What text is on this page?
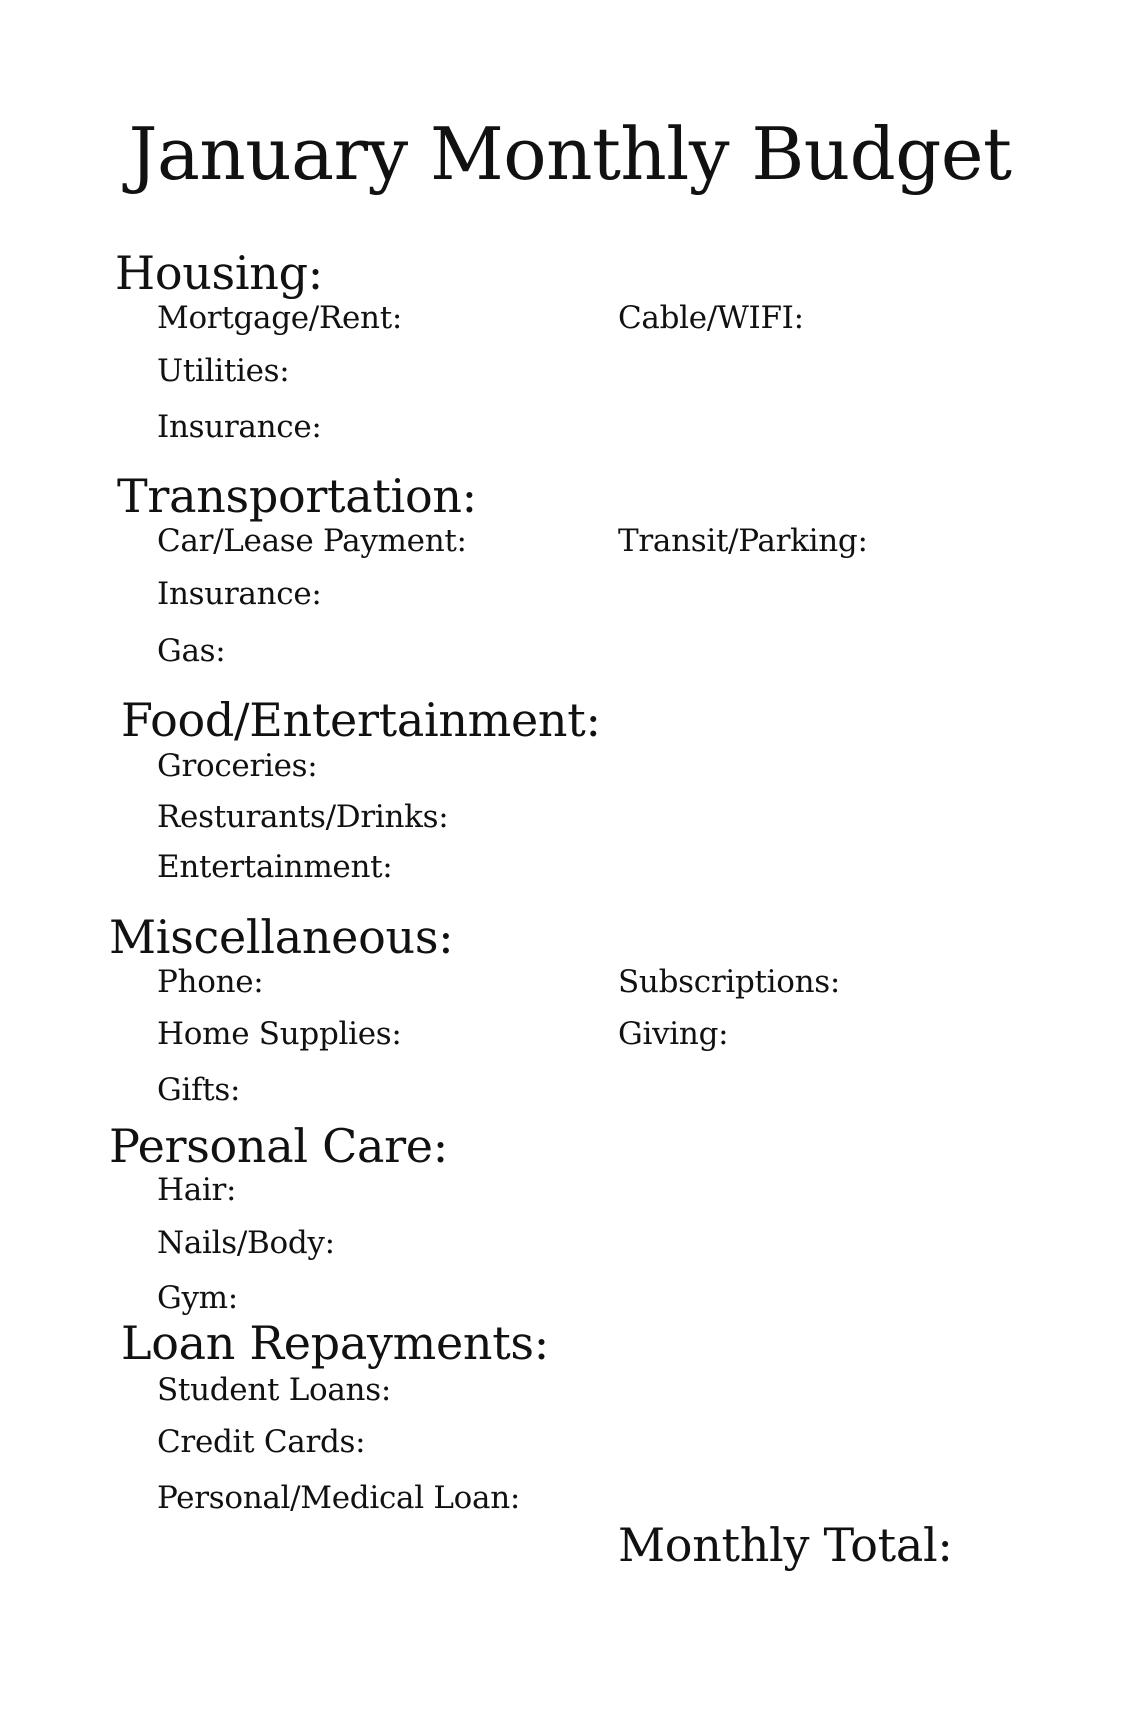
January Monthly Budget
Housing:
Mortgage/Rent:
Utilities:
Insurance:
Cable/WIFI:
Transportation:
Car/Lease Payment:
Insurance:
Gas:
Transit/Parking:
Food/Entertainment:
Groceries:
Resturants/Drinks:
Entertainment:
Miscellaneous:
Phone:
Home Supplies:
Gifts:
Subscriptions:
Giving:
Personal Care:
Hair:
Nails/Body:
Gym:
Loan Repayments:
Student Loans:
Credit Cards:
Personal/Medical Loan:
Monthly Total:
